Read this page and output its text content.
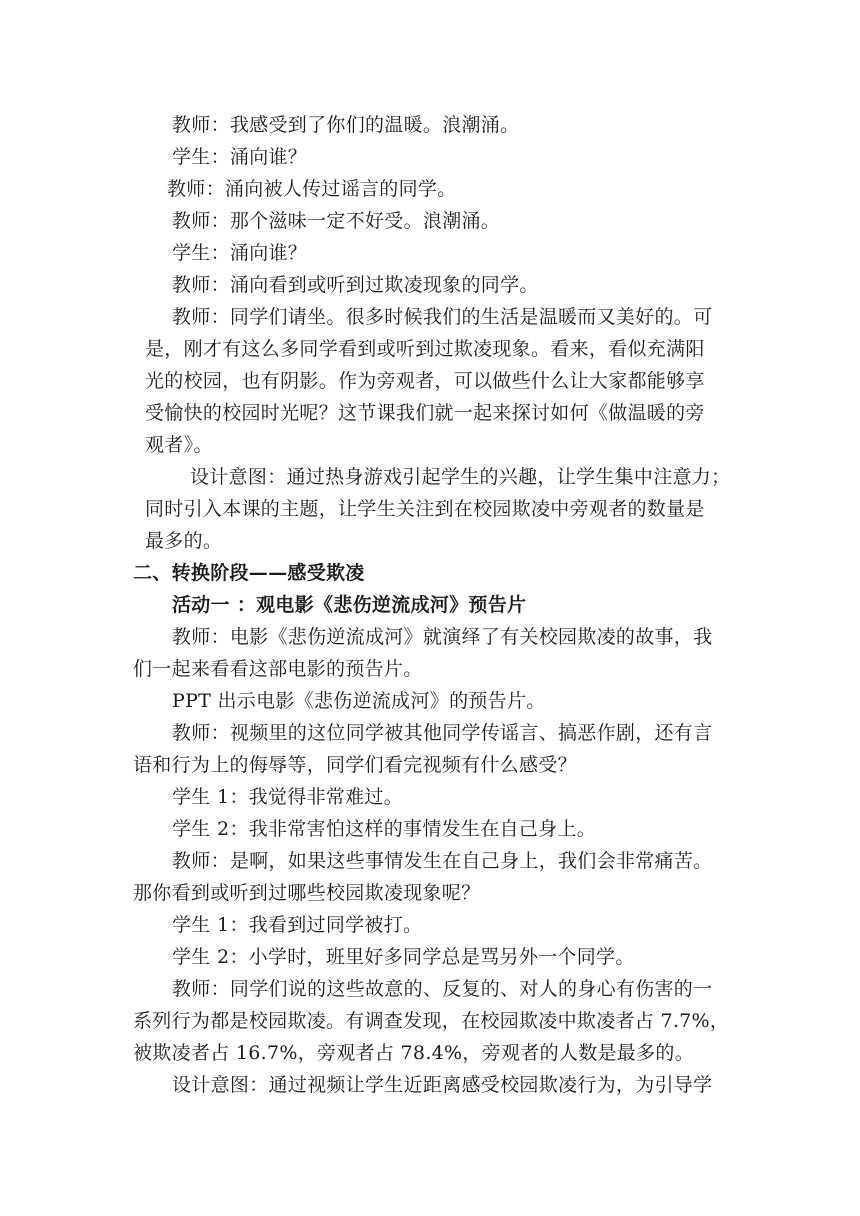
教师：我感受到了你们的温暖。浪潮涌。
学生：涌向谁？
教师：涌向被人传过谣言的同学。
教师：那个滋味一定不好受。浪潮涌。
学生：涌向谁？
教师：涌向看到或听到过欺凌现象的同学。
教师：同学们请坐。很多时候我们的生活是温暖而又美好的。可
是，刚才有这么多同学看到或听到过欺凌现象。看来，看似充满阳
光的校园，也有阴影。作为旁观者，可以做些什么让大家都能够享
受愉快的校园时光呢？这节课我们就一起来探讨如何《做温暖的旁
观者》。
设计意图：通过热身游戏引起学生的兴趣，让学生集中注意力；
同时引入本课的主题，让学生关注到在校园欺凌中旁观者的数量是
最多的。
二、转换阶段——感受欺凌
活动一 ：观电影《悲伤逆流成河》预告片
教师：电影《悲伤逆流成河》就演绎了有关校园欺凌的故事，我
们一起来看看这部电影的预告片。
PPT 出示电影《悲伤逆流成河》的预告片。
教师：视频里的这位同学被其他同学传谣言、搞恶作剧，还有言
语和行为上的侮辱等，同学们看完视频有什么感受？
学生 1：我觉得非常难过。
学生 2：我非常害怕这样的事情发生在自己身上。
教师：是啊，如果这些事情发生在自己身上，我们会非常痛苦。
那你看到或听到过哪些校园欺凌现象呢？
学生 1：我看到过同学被打。
学生 2：小学时，班里好多同学总是骂另外一个同学。
教师：同学们说的这些故意的、反复的、对人的身心有伤害的一
系列行为都是校园欺凌。有调查发现，在校园欺凌中欺凌者占 7.7%，
被欺凌者占 16.7%，旁观者占 78.4%，旁观者的人数是最多的。
设计意图：通过视频让学生近距离感受校园欺凌行为，为引导学
